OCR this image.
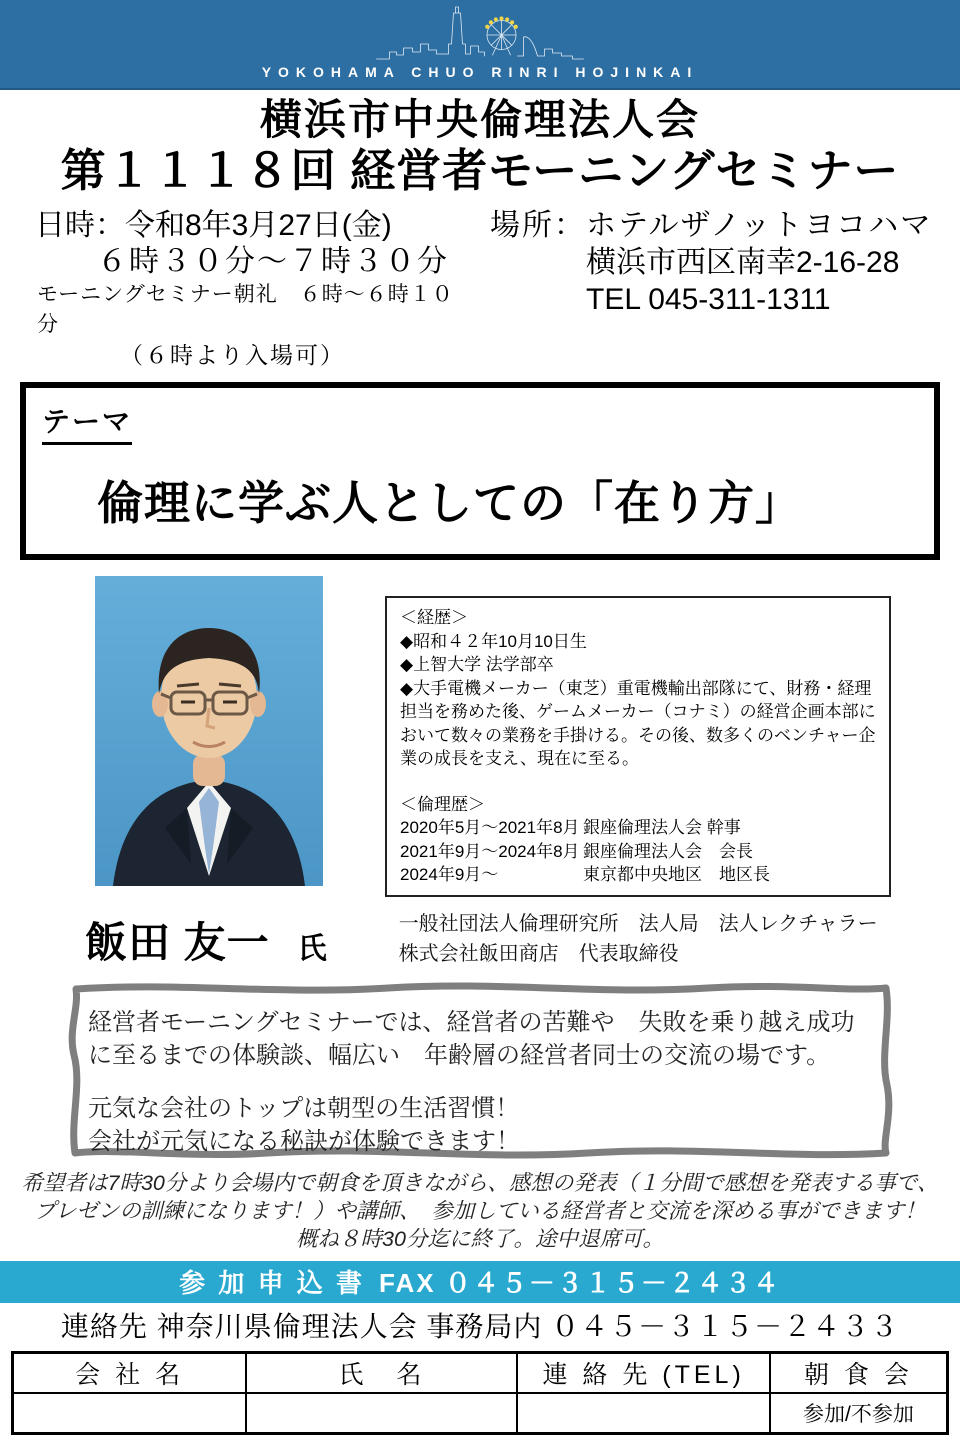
YOKOHAMA CHUO RINRI HOJINKAI
横浜市中央倫理法人会
第１１１８回 経営者モーニングセミナー
日時：令和8年3月27日(金)
６時３０分～７時３０分
モーニングセミナー朝礼　６時～６時１０分
（６時より入場可）
場所：ホテルザノットヨコハマ
横浜市西区南幸2-16-28
TEL 045-311-1311
テーマ
倫理に学ぶ人としての「在り方」
＜経歴＞
◆昭和４２年10月10日生
◆上智大学 法学部卒
◆大手電機メーカー（東芝）重電機輸出部隊にて、財務・経理担当を務めた後、ゲームメーカー（コナミ）の経営企画本部において数々の業務を手掛ける。その後、数多くのベンチャー企業の成長を支え、現在に至る。
＜倫理歴＞
2020年5月～2021年8月 銀座倫理法人会 幹事
2021年9月～2024年8月 銀座倫理法人会　会長
2024年9月～	東京都中央地区　地区長
飯田 友一 氏
一般社団法人倫理研究所　法人局　法人レクチャラー
株式会社飯田商店　代表取締役
経営者モーニングセミナーでは、経営者の苦難や　失敗を乗り越え成功に至るまでの体験談、幅広い　年齢層の経営者同士の交流の場です。
元気な会社のトップは朝型の生活習慣！
会社が元気になる秘訣が体験できます！
希望者は7時30分より会場内で朝食を頂きながら、感想の発表（１分間で感想を発表する事で、
プレゼンの訓練になります！）や講師、　参加している経営者と交流を深める事ができます！
概ね８時30分迄に終了。途中退席可。
参 加 申 込 書 FAX ０４５－３１５－２４３４
連絡先 神奈川県倫理法人会 事務局内 ０４５－３１５－２４３３
会 社 名	氏　名	連 絡 先 (TEL)	朝 食 会
			参加/不参加
